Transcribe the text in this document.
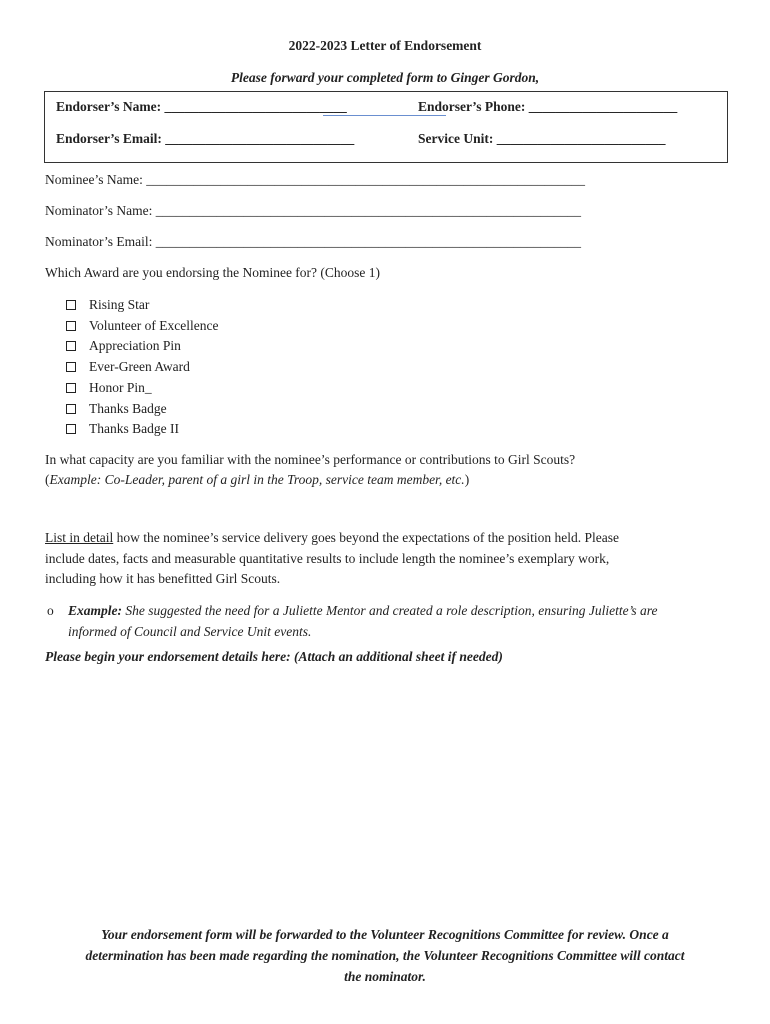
2022-2023 Letter of Endorsement
Please forward your completed form to Ginger Gordon,
Endorser’s Name: ___________________________	Endorser’s Phone: ______________________
Endorser’s Email: ____________________________	Service Unit: _________________________
Nominee’s Name: _________________________________________________________________
Nominator’s Name: _______________________________________________________________
Nominator’s Email: _______________________________________________________________
Which Award are you endorsing the Nominee for? (Choose 1)
Rising Star
Volunteer of Excellence
Appreciation Pin
Ever-Green Award
Honor Pin_
Thanks Badge
Thanks Badge II
In what capacity are you familiar with the nominee’s performance or contributions to Girl Scouts?
(Example: Co-Leader, parent of a girl in the Troop, service team member, etc.)
List in detail how the nominee’s service delivery goes beyond the expectations of the position held. Please
include dates, facts and measurable quantitative results to include length the nominee’s exemplary work,
including how it has benefitted Girl Scouts.
o Example: She suggested the need for a Juliette Mentor and created a role description, ensuring Juliette’s are
informed of Council and Service Unit events.
Please begin your endorsement details here: (Attach an additional sheet if needed)
Your endorsement form will be forwarded to the Volunteer Recognitions Committee for review. Once a
determination has been made regarding the nomination, the Volunteer Recognitions Committee will contact
the nominator.
